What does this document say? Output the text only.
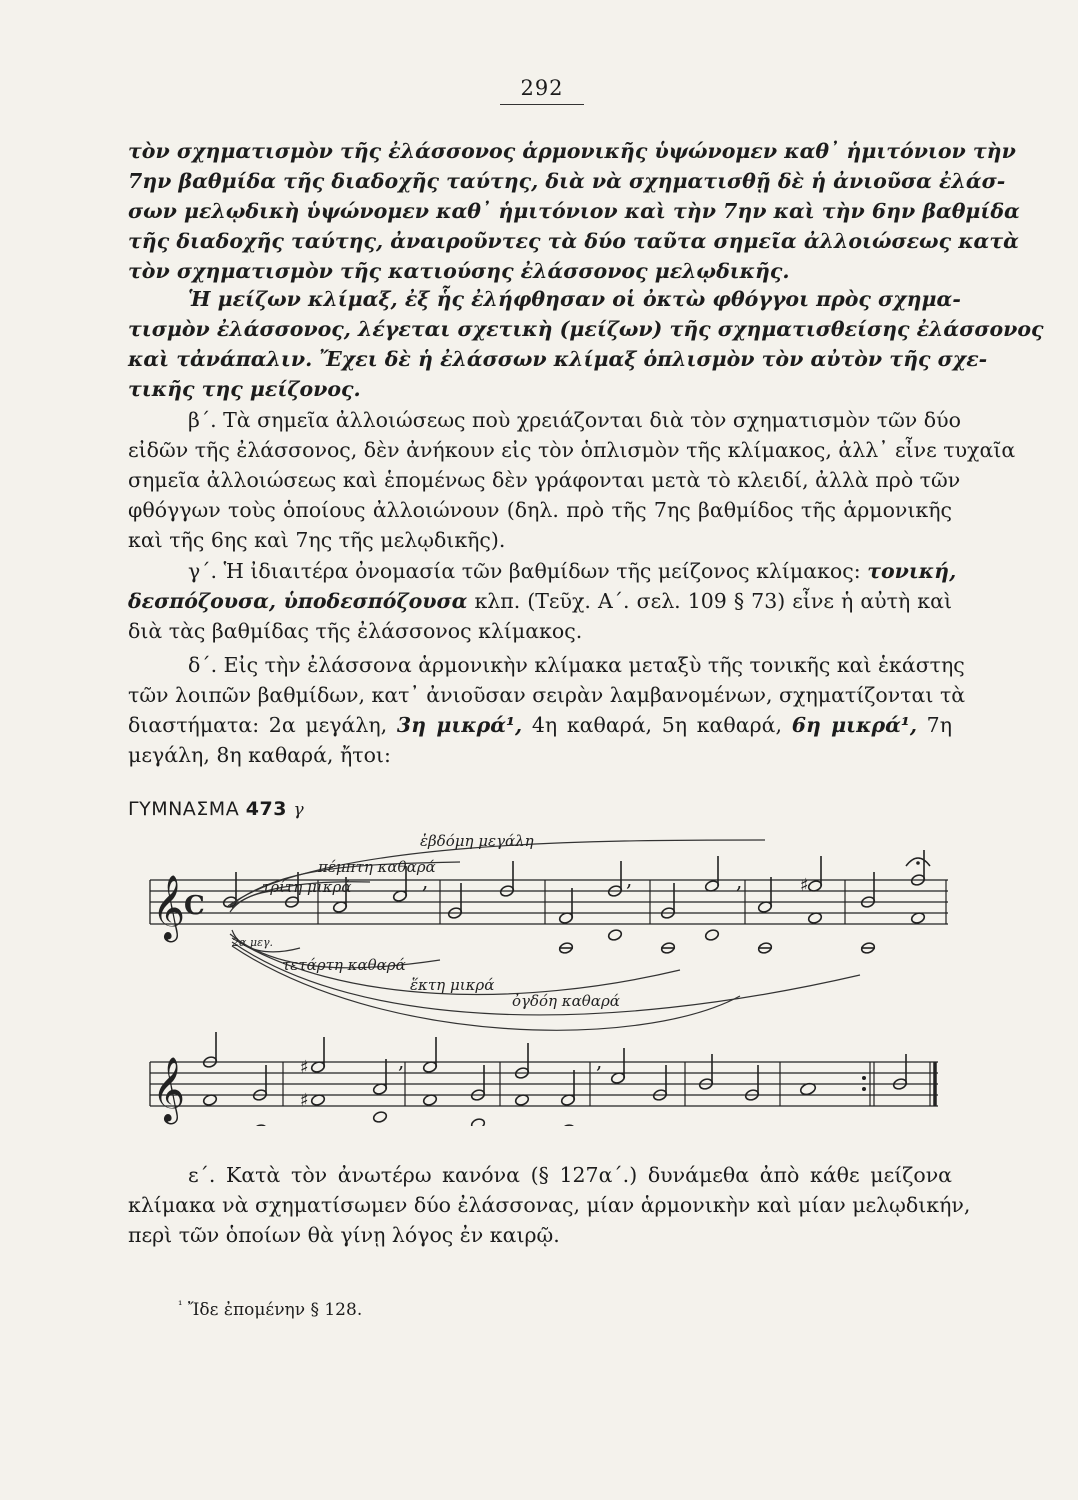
292
τὸν σχηματισμὸν τῆς ἐλάσσονος ἁρμονικῆς ὑψώνομεν καθ᾿ ἡμιτόνιον τὴν
7ην βαθμίδα τῆς διαδοχῆς ταύτης, διὰ νὰ σχηματισθῇ δὲ ἡ ἀνιοῦσα ἐλάσ-
σων μελῳδικὴ ὑψώνομεν καθ᾿ ἡμιτόνιον καὶ τὴν 7ην καὶ τὴν 6ην βαθμίδα
τῆς διαδοχῆς ταύτης, ἀναιροῦντες τὰ δύο ταῦτα σημεῖα ἀλλοιώσεως κατὰ
τὸν σχηματισμὸν τῆς κατιούσης ἐλάσσονος μελῳδικῆς.
Ἡ μείζων κλίμαξ, ἐξ ἧς ἐλήφθησαν οἱ ὀκτὼ φθόγγοι πρὸς σχημα-
τισμὸν ἐλάσσονος, λέγεται σχετικὴ (μείζων) τῆς σχηματισθείσης ἐλάσσονος
καὶ τἀνάπαλιν. Ἔχει δὲ ἡ ἐλάσσων κλίμαξ ὁπλισμὸν τὸν αὐτὸν τῆς σχε-
τικῆς της μείζονος.
β΄. Τὰ σημεῖα ἀλλοιώσεως ποὺ χρειάζονται διὰ τὸν σχηματισμὸν τῶν δύο
εἰδῶν τῆς ἐλάσσονος, δὲν ἀνήκουν εἰς τὸν ὁπλισμὸν τῆς κλίμακος, ἀλλ᾿ εἶνε τυχαῖα
σημεῖα ἀλλοιώσεως καὶ ἑπομένως δὲν γράφονται μετὰ τὸ κλειδί, ἀλλὰ πρὸ τῶν
φθόγγων τοὺς ὁποίους ἀλλοιώνουν (δηλ. πρὸ τῆς 7ης βαθμίδος τῆς ἁρμονικῆς
καὶ τῆς 6ης καὶ 7ης τῆς μελῳδικῆς).
γ΄. Ἡ ἰδιαιτέρα ὀνομασία τῶν βαθμίδων τῆς μείζονος κλίμακος: τονική,
δεσπόζουσα, ὑποδεσπόζουσα κλπ. (Τεῦχ. Α΄. σελ. 109 § 73) εἶνε ἡ αὐτὴ καὶ
διὰ τὰς βαθμίδας τῆς ἐλάσσονος κλίμακος.
δ΄. Εἰς τὴν ἐλάσσονα ἁρμονικὴν κλίμακα μεταξὺ τῆς τονικῆς καὶ ἑκάστης
τῶν λοιπῶν βαθμίδων, κατ᾿ ἀνιοῦσαν σειρὰν λαμβανομένων, σχηματίζονται τὰ
διαστήματα: 2α μεγάλη, 3η μικρά¹, 4η καθαρά, 5η καθαρά, 6η μικρά¹, 7η
μεγάλη, 8η καθαρά, ἤτοι:
ΓΥΜΝΑΣΜΑ 473 γ
𝄞
C
♯
,	,	,
ἑβδόμη μεγάλη
πέμπτη καθαρά
τρίτη μικρά
2α μεγ.
τετάρτη καθαρά
ἕκτη μικρά
ὀγδόη καθαρά
𝄞	♯
♯
,	,
ε΄. Κατὰ τὸν ἀνωτέρω κανόνα (§ 127α΄.) δυνάμεθα ἀπὸ κάθε μείζονα
κλίμακα νὰ σχηματίσωμεν δύο ἐλάσσονας, μίαν ἁρμονικὴν καὶ μίαν μελῳδικήν,
περὶ τῶν ὁποίων θὰ γίνῃ λόγος ἐν καιρῷ.
$^{^1}$ Ἴδε ἐπομένην § 128.
